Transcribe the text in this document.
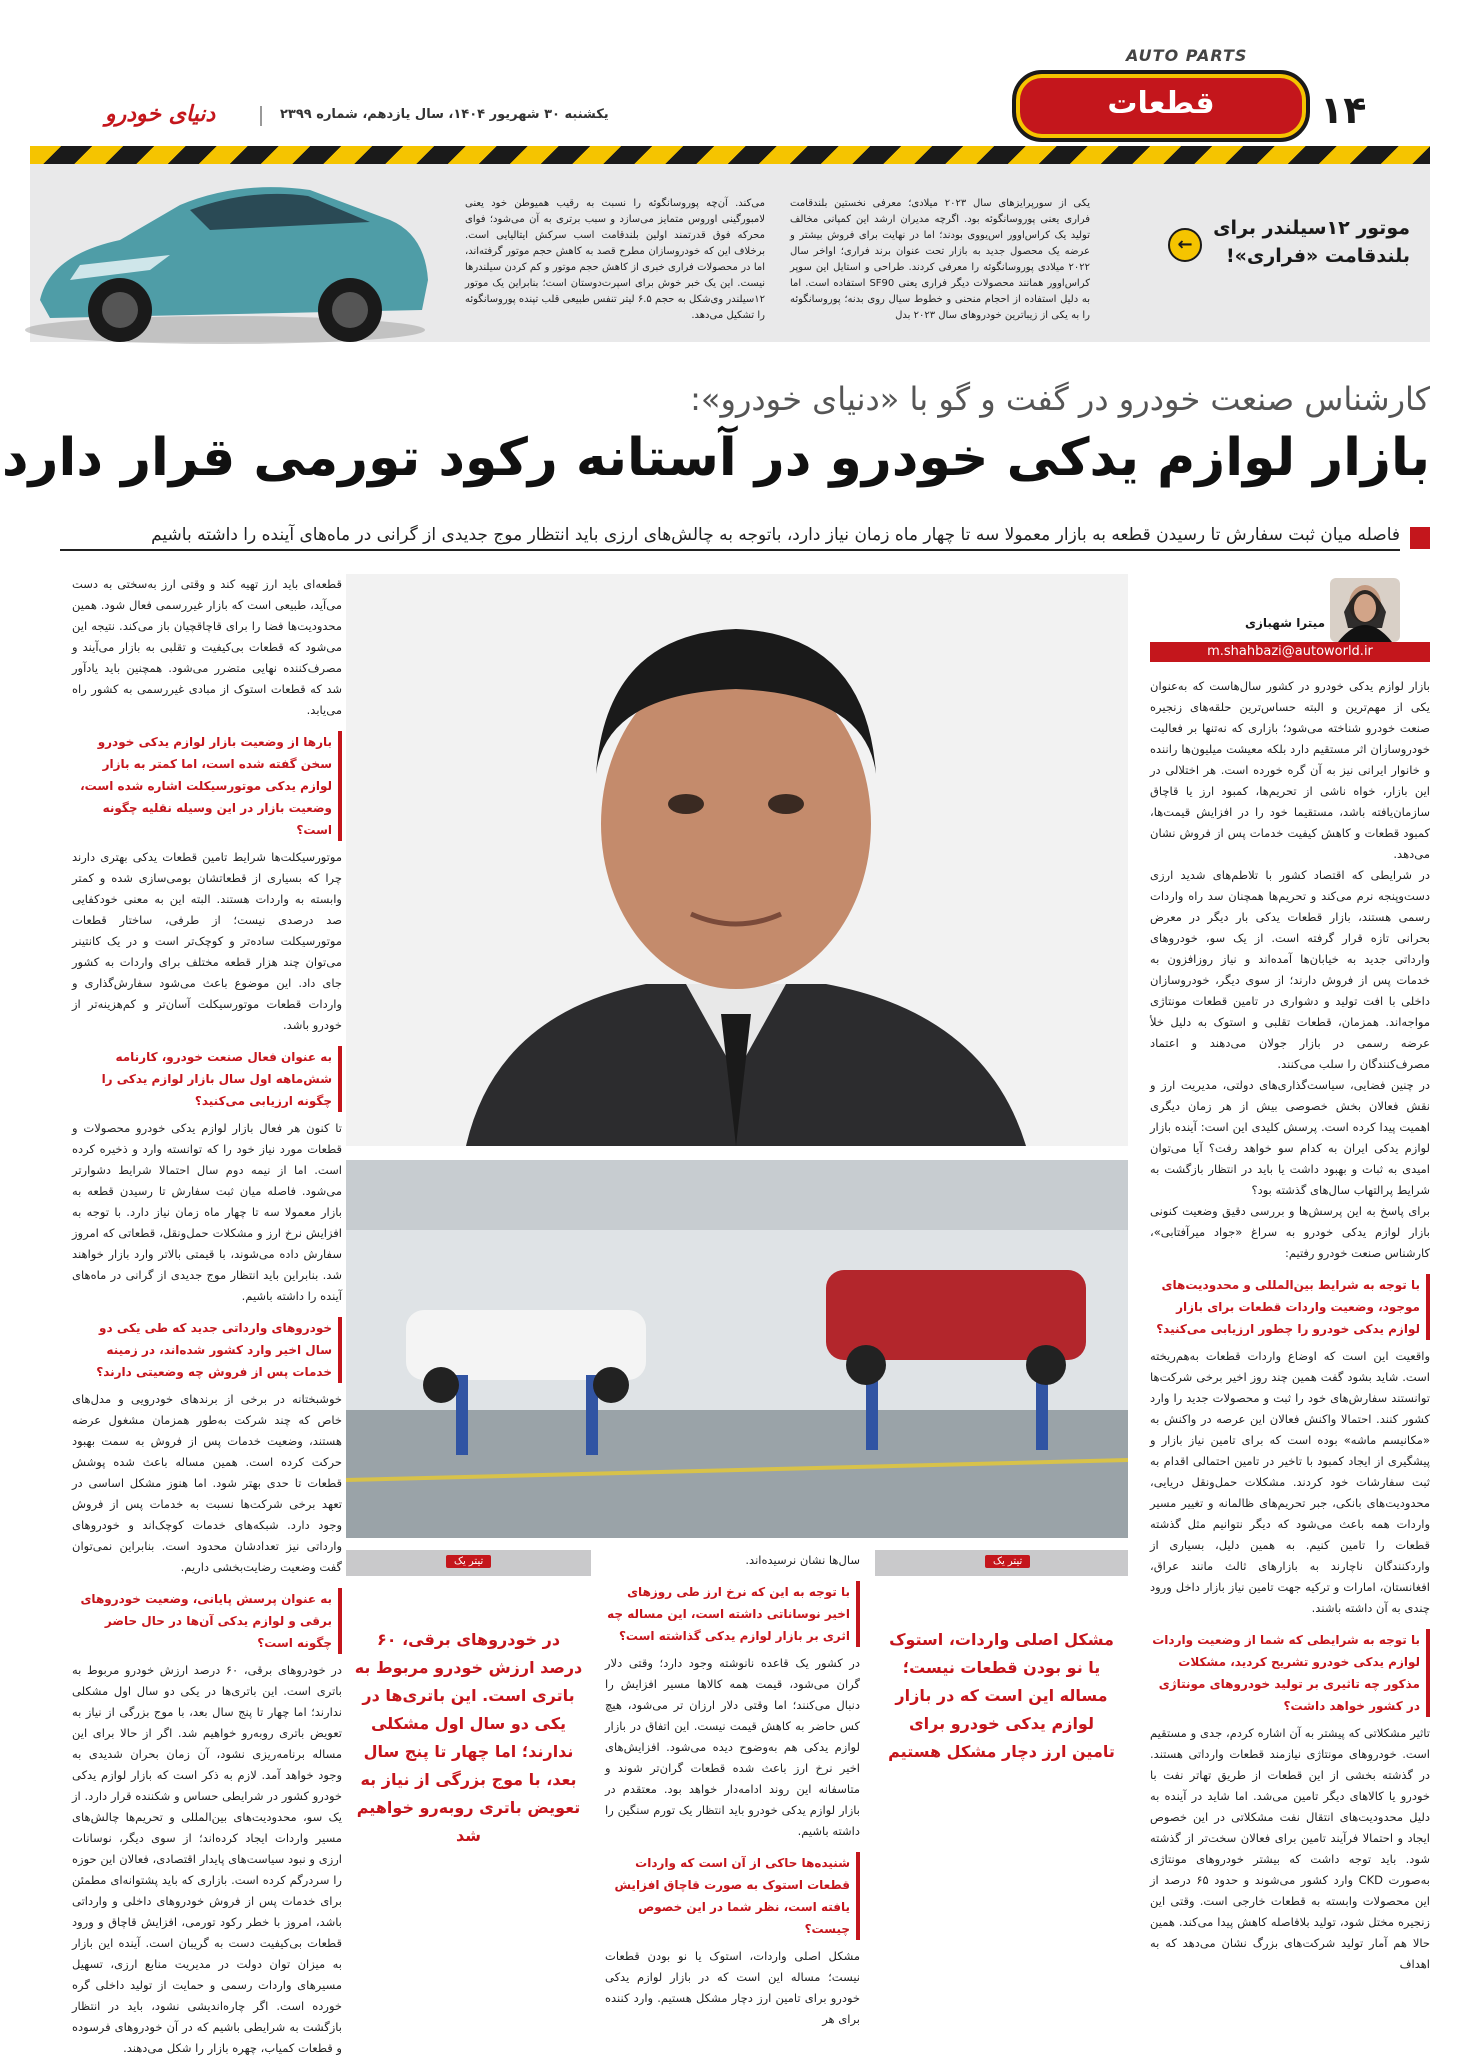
AUTO PARTS
۱۴
قطعات
دنیای خودرو	یکشنبه ۳۰ شهریور ۱۴۰۴، سال یازدهم، شماره ۲۳۹۹
موتور ۱۲سیلندر برای بلندقامت «فراری»!
←
یکی از سورپرایزهای سال ۲۰۲۳ میلادی؛ معرفی نخستین بلندقامت فراری یعنی پوروسانگوئه بود. اگرچه مدیران ارشد این کمپانی مخالف تولید یک کراس‌اوور اس‌یووی بودند؛ اما در نهایت برای فروش بیشتر و عرضه یک محصول جدید به بازار تحت عنوان برند فراری؛ اواخر سال ۲۰۲۲ میلادی پوروسانگوئه را معرفی کردند. طراحی و استایل این سوپر کراس‌اوور همانند محصولات دیگر فراری یعنی SF90 استفاده است. اما به دلیل استفاده از احجام منحنی و خطوط سیال روی بدنه؛ پوروسانگوئه را به یکی از زیباترین خودروهای سال ۲۰۲۳ بدل
می‌کند. آن‌چه پوروسانگوئه را نسبت به رقیب همیوطن خود یعنی لامبورگینی اوروس متمایز می‌سازد و سبب برتری به آن می‌شود؛ فوای محرکه فوق قدرتمند اولین بلندقامت اسب سرکش ایتالیایی است. برخلاف این که خودروسازان مطرح قصد به کاهش حجم موتور گرفته‌اند، اما در محصولات فراری خبری از کاهش حجم موتور و کم کردن سیلندرها نیست. این یک خبر خوش برای اسپرت‌دوستان است؛ بنابراین یک موتور ۱۲سیلندر وی‌شکل به حجم ۶.۵ لیتر تنفس طبیعی قلب تپنده پوروسانگوئه را تشکیل می‌دهد.
کارشناس صنعت خودرو در گفت و گو با «دنیای خودرو»:
بازار لوازم یدکی خودرو در آستانه رکود تورمی قرار دارد
فاصله میان ثبت سفارش تا رسیدن قطعه به بازار معمولا سه تا چهار ماه زمان نیاز دارد، باتوجه به چالش‌های ارزی باید انتظار موج جدیدی از گرانی در ماه‌های آینده را داشته باشیم
میترا شهبازی
m.shahbazi@autoworld.ir
بازار لوازم یدکی خودرو در کشور سال‌هاست که به‌عنوان یکی از مهم‌ترین و البته حساس‌ترین حلقه‌های زنجیره صنعت خودرو شناخته می‌شود؛ بازاری که نه‌تنها بر فعالیت خودروسازان اثر مستقیم دارد بلکه معیشت میلیون‌ها راننده و خانوار ایرانی نیز به آن گره خورده است. هر اختلالی در این بازار، خواه ناشی از تحریم‌ها، کمبود ارز یا قاچاق سازمان‌یافته باشد، مستقیما خود را در افزایش قیمت‌ها، کمبود قطعات و کاهش کیفیت خدمات پس از فروش نشان می‌دهد.
در شرایطی که اقتصاد کشور با تلاطم‌های شدید ارزی دست‌وپنجه نرم می‌کند و تحریم‌ها همچنان سد راه واردات رسمی هستند، بازار قطعات یدکی بار دیگر در معرض بحرانی تازه قرار گرفته است. از یک سو، خودروهای وارداتی جدید به خیابان‌ها آمده‌اند و نیاز روزافزون به خدمات پس از فروش دارند؛ از سوی دیگر، خودروسازان داخلی با افت تولید و دشواری در تامین قطعات مونتاژی مواجه‌اند. همزمان، قطعات تقلبی و استوک به دلیل خلأ عرضه رسمی در بازار جولان می‌دهند و اعتماد مصرف‌کنندگان را سلب می‌کنند.
در چنین فضایی، سیاست‌گذاری‌های دولتی، مدیریت ارز و نقش فعالان بخش خصوصی بیش از هر زمان دیگری اهمیت پیدا کرده است. پرسش کلیدی این است: آینده بازار لوازم یدکی ایران به کدام سو خواهد رفت؟ آیا می‌توان امیدی به ثبات و بهبود داشت یا باید در انتظار بازگشت به شرایط پرالتهاب سال‌های گذشته بود؟
برای پاسخ به این پرسش‌ها و بررسی دقیق وضعیت کنونی بازار لوازم یدکی خودرو به سراغ «جواد میرآفتابی»، کارشناس صنعت خودرو رفتیم:
با توجه به شرایط بین‌المللی و محدودیت‌های موجود، وضعیت واردات قطعات برای بازار لوازم یدکی خودرو را چطور ارزیابی می‌کنید؟
واقعیت این است که اوضاع واردات قطعات به‌هم‌ریخته است. شاید بشود گفت همین چند روز اخیر برخی شرکت‌ها توانستند سفارش‌های خود را ثبت و محصولات جدید را وارد کشور کنند. احتمالا واکنش فعالان این عرصه در واکنش به «مکانیسم ماشه» بوده است که برای تامین نیاز بازار و پیشگیری از ایجاد کمبود با تاخیر در تامین احتمالی اقدام به ثبت سفارشات خود کردند. مشکلات حمل‌ونقل دریایی، محدودیت‌های بانکی، جبر تحریم‌های ظالمانه و تغییر مسیر واردات همه باعث می‌شود که دیگر نتوانیم مثل گذشته قطعات را تامین کنیم. به همین دلیل، بسیاری از واردکنندگان ناچارند به بازارهای ثالث مانند عراق، افغانستان، امارات و ترکیه جهت تامین نیاز بازار داخل ورود چندی به آن داشته باشند.
با توجه به شرایطی که شما از وضعیت واردات لوازم یدکی خودرو تشریح کردید، مشکلات مذکور چه تاثیری بر تولید خودروهای مونتاژی در کشور خواهد داشت؟
تاثیر مشکلاتی که پیشتر به آن اشاره کردم، جدی و مستقیم است. خودروهای مونتاژی نیازمند قطعات وارداتی هستند. در گذشته بخشی از این قطعات از طریق تهاتر نفت با خودرو یا کالاهای دیگر تامین می‌شد. اما شاید در آینده به دلیل محدودیت‌های انتقال نفت مشکلاتی در این خصوص ایجاد و احتمالا فرآیند تامین برای فعالان سخت‌تر از گذشته شود. باید توجه داشت که بیشتر خودروهای مونتاژی به‌صورت CKD وارد کشور می‌شوند و حدود ۶۵ درصد از این محصولات وابسته به قطعات خارجی است. وقتی این زنجیره مختل شود، تولید بلافاصله کاهش پیدا می‌کند. همین حالا هم آمار تولید شرکت‌های بزرگ نشان می‌دهد که به اهداف
قطعه‌ای باید ارز تهیه کند و وقتی ارز به‌سختی به دست می‌آید، طبیعی است که بازار غیررسمی فعال شود. همین محدودیت‌ها فضا را برای قاچاقچیان باز می‌کند. نتیجه این می‌شود که قطعات بی‌کیفیت و تقلبی به بازار می‌آیند و مصرف‌کننده نهایی متضرر می‌شود. همچنین باید یادآور شد که قطعات استوک از مبادی غیررسمی به کشور راه می‌یابد.
بارها از وضعیت بازار لوازم یدکی خودرو سخن گفته شده است، اما کمتر به بازار لوازم یدکی موتورسیکلت اشاره شده است، وضعیت بازار در این وسیله نقلیه چگونه است؟
موتورسیکلت‌ها شرایط تامین قطعات یدکی بهتری دارند چرا که بسیاری از قطعاتشان بومی‌سازی شده و کمتر وابسته به واردات هستند. البته این به معنی خودکفایی صد درصدی نیست؛ از طرفی، ساختار قطعات موتورسیکلت ساده‌تر و کوچک‌تر است و در یک کانتینر می‌توان چند هزار قطعه مختلف برای واردات به کشور جای داد. این موضوع باعث می‌شود سفارش‌گذاری و واردات قطعات موتورسیکلت آسان‌تر و کم‌هزینه‌تر از خودرو باشد.
به عنوان فعال صنعت خودرو، کارنامه شش‌ماهه اول سال بازار لوازم یدکی را چگونه ارزیابی می‌کنید؟
تا کنون هر فعال بازار لوازم یدکی خودرو محصولات و قطعات مورد نیاز خود را که توانسته وارد و ذخیره کرده است. اما از نیمه دوم سال احتمالا شرایط دشوارتر می‌شود. فاصله میان ثبت سفارش تا رسیدن قطعه به بازار معمولا سه تا چهار ماه زمان نیاز دارد. با توجه به افزایش نرخ ارز و مشکلات حمل‌ونقل، قطعاتی که امروز سفارش داده می‌شوند، با قیمتی بالاتر وارد بازار خواهند شد. بنابراین باید انتظار موج جدیدی از گرانی در ماه‌های آینده را داشته باشیم.
خودروهای وارداتی جدید که طی یکی دو سال اخیر وارد کشور شده‌اند، در زمینه خدمات پس از فروش چه وضعیتی دارند؟
خوشبختانه در برخی از برندهای خودرویی و مدل‌های خاص که چند شرکت به‌طور همزمان مشغول عرضه هستند، وضعیت خدمات پس از فروش به سمت بهبود حرکت کرده است. همین مساله باعث شده پوشش قطعات تا حدی بهتر شود. اما هنوز مشکل اساسی در تعهد برخی شرکت‌ها نسبت به خدمات پس از فروش وجود دارد. شبکه‌های خدمات کوچک‌اند و خودروهای وارداتی نیز تعدادشان محدود است. بنابراین نمی‌توان گفت وضعیت رضایت‌بخشی داریم.
به عنوان پرسش پایانی، وضعیت خودروهای برقی و لوازم یدکی آن‌ها در حال حاضر چگونه است؟
در خودروهای برقی، ۶۰ درصد ارزش خودرو مربوط به باتری است. این باتری‌ها در یکی دو سال اول مشکلی ندارند؛ اما چهار تا پنج سال بعد، با موج بزرگی از نیاز به تعویض باتری روبه‌رو خواهیم شد. اگر از حالا برای این مساله برنامه‌ریزی نشود، آن زمان بحران شدیدی به وجود خواهد آمد. لازم به ذکر است که بازار لوازم یدکی خودرو کشور در شرایطی حساس و شکننده قرار دارد. از یک سو، محدودیت‌های بین‌المللی و تحریم‌ها چالش‌های مسیر واردات ایجاد کرده‌اند؛ از سوی دیگر، نوسانات ارزی و نبود سیاست‌های پایدار اقتصادی، فعالان این حوزه را سردرگم کرده است. بازاری که باید پشتوانه‌ای مطمئن برای خدمات پس از فروش خودروهای داخلی و وارداتی باشد، امروز با خطر رکود تورمی، افزایش قاچاق و ورود قطعات بی‌کیفیت دست به گریبان است. آینده این بازار به میزان توان دولت در مدیریت منابع ارزی، تسهیل مسیرهای واردات رسمی و حمایت از تولید داخلی گره خورده است. اگر چاره‌اندیشی نشود، باید در انتظار بازگشت به شرایطی باشیم که در آن خودروهای فرسوده و قطعات کمیاب، چهره بازار را شکل می‌دهند.
تیتر یک
مشکل اصلی واردات، استوک یا نو بودن قطعات نیست؛ مساله این است که در بازار لوازم یدکی خودرو برای تامین ارز دچار مشکل هستیم
سال‌ها نشان نرسیده‌اند.
با توجه به این که نرخ ارز طی روزهای اخیر نوساناتی داشته است، این مساله چه اثری بر بازار لوازم یدکی گذاشته است؟
در کشور یک قاعده نانوشته وجود دارد؛ وقتی دلار گران می‌شود، قیمت همه کالاها مسیر افزایش را دنبال می‌کنند؛ اما وقتی دلار ارزان تر می‌شود، هیچ کس حاضر به کاهش قیمت نیست. این اتفاق در بازار لوازم یدکی هم به‌وضوح دیده می‌شود. افزایش‌های اخیر نرخ ارز باعث شده قطعات گران‌تر شوند و متاسفانه این روند ادامه‌دار خواهد بود. معتقدم در بازار لوازم یدکی خودرو باید انتظار یک تورم سنگین را داشته باشیم.
شنیده‌ها حاکی از آن است که واردات قطعات استوک به صورت قاچاق افزایش یافته است، نظر شما در این خصوص چیست؟
مشکل اصلی واردات، استوک یا نو بودن قطعات نیست؛ مساله این است که در بازار لوازم یدکی خودرو برای تامین ارز دچار مشکل هستیم. وارد کننده برای هر
تیتر یک
در خودروهای برقی، ۶۰ درصد ارزش خودرو مربوط به باتری است. این باتری‌ها در یکی دو سال اول مشکلی ندارند؛ اما چهار تا پنج سال بعد، با موج بزرگی از نیاز به تعویض باتری روبه‌رو خواهیم شد
